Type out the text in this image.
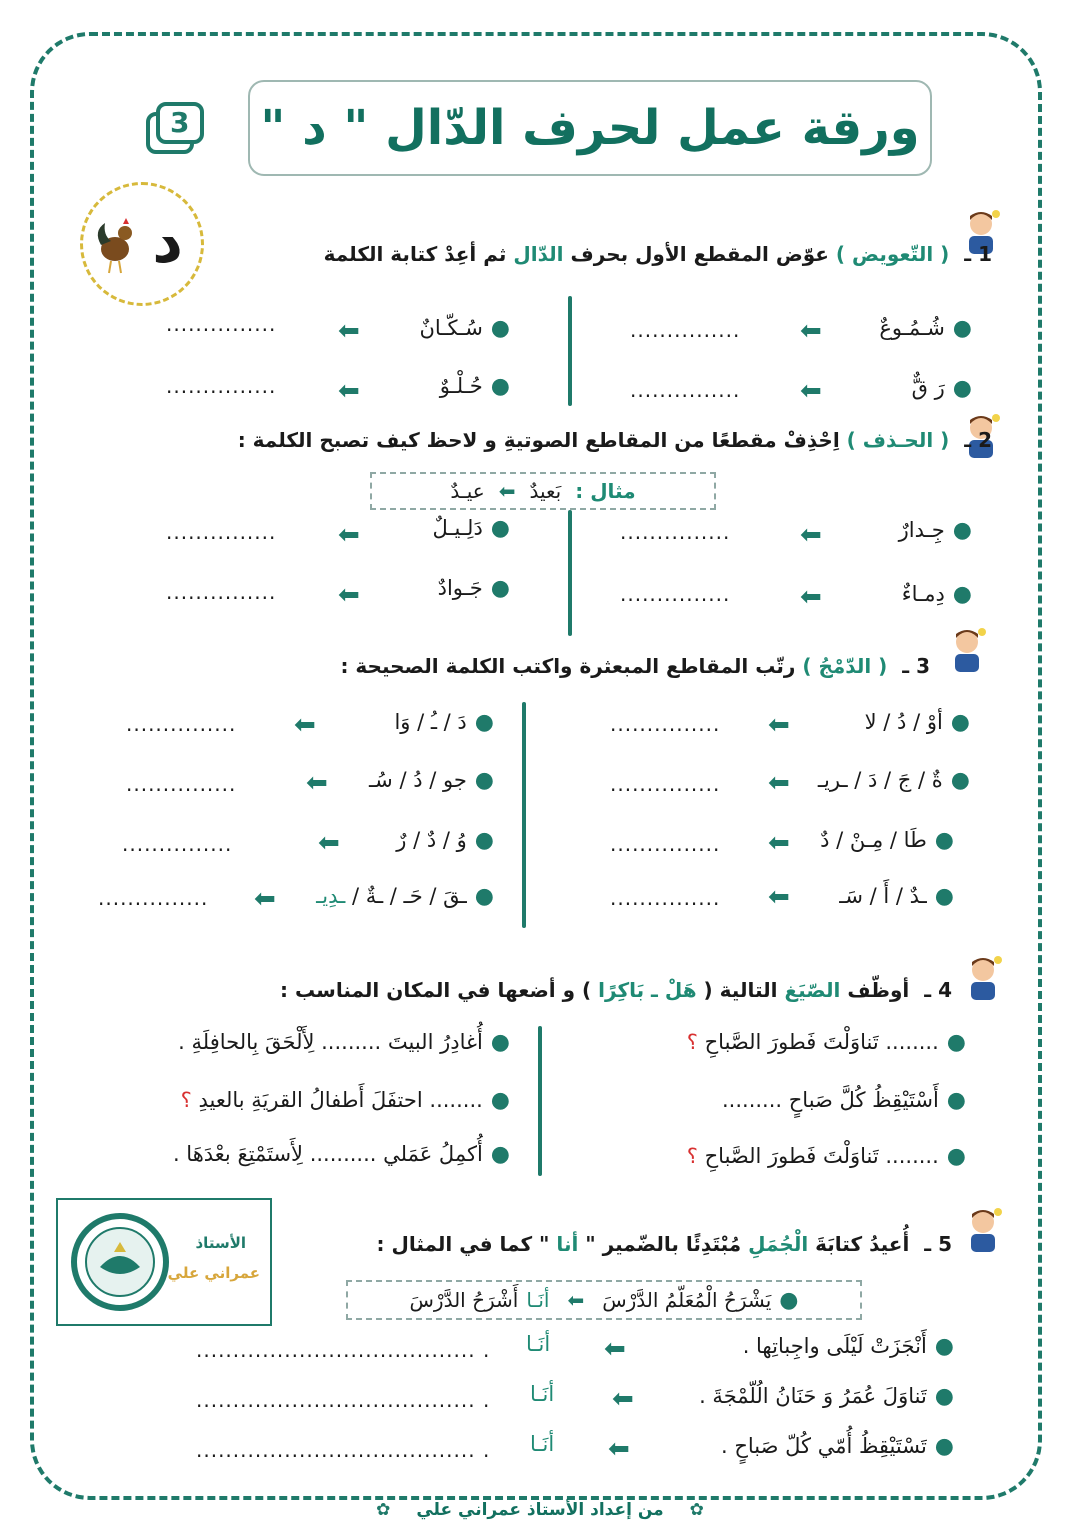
ورقة عمل لحرف الدّال " د "
3
د	1 ـ ( التّعويض ) عوّض المقطع الأول بحرف الدّال ثم أعِدْ كتابة الكلمة
●شُـمُـوعٌ
⬅
...............
●سُـكّـانٌ
⬅
...............
●رَ قٌّ
⬅
...............
●حُـلْـوٌ
⬅
...............
2 ـ ( الحـذف ) اِحْذِفْ مقطعًا من المقاطع الصوتيةِ و لاحظ كيف تصبح الكلمة :
مثال :
بَعيدٌ
⬅
عيـدٌ
●جِـدارٌ
⬅
...............
●دَلِـيـلٌ
⬅
...............
●دِمـاءٌ
⬅
...............
●جَـوادٌ
⬅
...............
3 ـ ( الدّمْجُ ) رتّب المقاطع المبعثرة واكتب الكلمة الصحيحة :
●أوْ / دُ / لا
⬅
...............
●ةٌ / جَ / دَ / ـريـ
⬅
...............
●طَا / مِـنْ / دٌ
⬅
...............
●ـدٌ / أَ / سَـ
⬅
...............
●دَ / ـُ / وَا
⬅
...............
●جو / دُ / سُـ
⬅
...............
●وُ / دٌ / رٌ
⬅
...............
●ـقَ / حَـ / ـةٌ / ـدِيـ
⬅
...............
4 ـ أوظّف الصّيَغ التالية ( هَلْ ـ بَاكِرًا ) و أضعها في المكان المناسب :
●........ تَناوَلْتَ فَطورَ الصَّباحِ ؟
●أَسْتَيْقِظُ كُلَّ صَباحٍ .........
●........ تَناوَلْتَ فَطورَ الصَّباحِ ؟
●أُغادِرُ البيتَ ......... لِأَلْحَقَ بِالحافِلَةِ .
●........ احتفَلَ أَطفالُ القريَةِ بالعيدِ ؟
●أُكمِلُ عَمَلي .......... لِأَستَمْتِعَ بعْدَهَا .
الأستاذ
عمراني علي
5 ـ أُعيدُ كتابَةَ الْجُمَلِ مُبْتَدِئًا بالضّمير " أنا " كما في المثال :
●
يَشْرَحُ الْمُعَلّمُ الدَّرْسَ
⬅
أنَـا
أَشْرَحُ الدَّرْسَ
●أَنْجَزَتْ لَيْلَى واجِباتِها .
⬅
أنَـا
...................................... .
●تَناوَلَ عُمَرُ وَ حَنَانُ الُلّمْجَةَ .
⬅
أنَـا
...................................... .
●تَسْتَيْقِظُ أُمّي كُلّ صَباحٍ .
⬅
أنَـا
...................................... .
✿ من إعداد الأستاذ عمراني علي ✿
